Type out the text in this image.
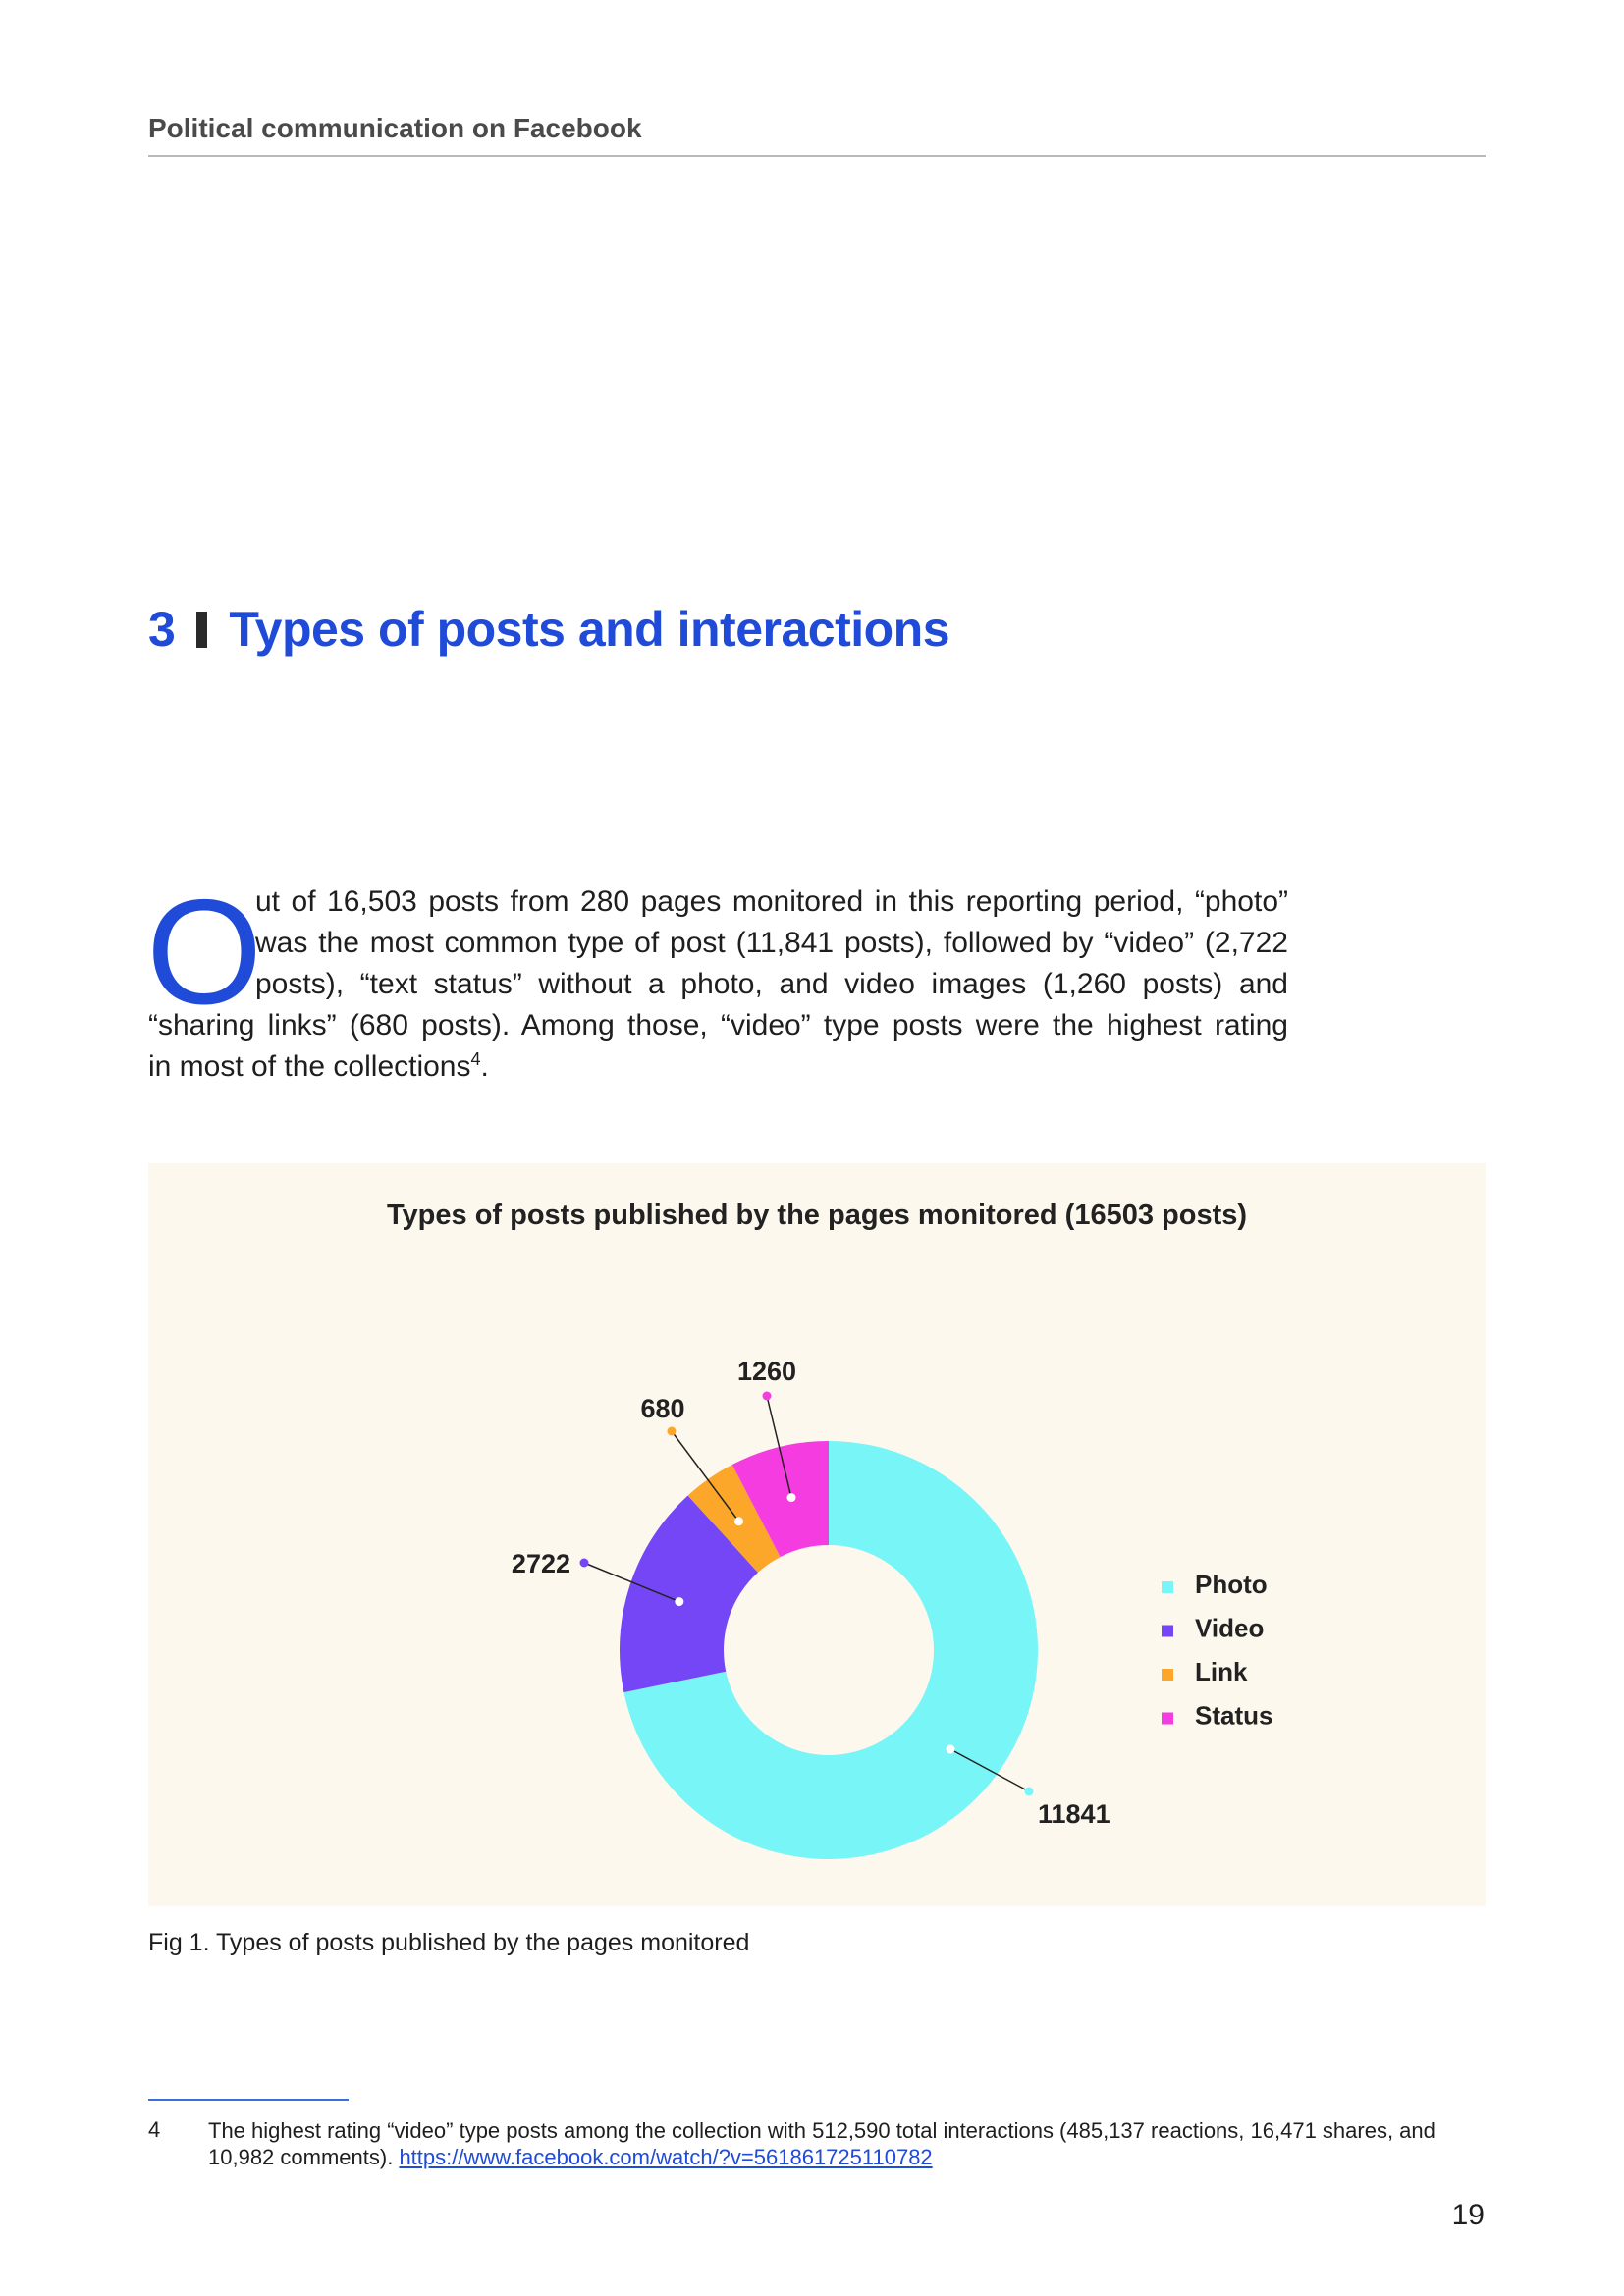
Political communication on Facebook
3 Types of posts and interactions
O
ut of 16,503 posts from 280 pages monitored in this reporting period, “photo”
was the most common type of post (11,841 posts), followed by “video” (2,722
posts), “text status” without a photo, and video images (1,260 posts) and
“sharing links” (680 posts). Among those, “video” type posts were the highest rating
in most of the collections$^4$.
Types of posts published by the pages monitored (16503 posts)
11841
2722
680
1260
Photo
Video
Link
Status
Fig 1. Types of posts published by the pages monitored
4 The highest rating “video” type posts among the collection with 512,590 total interactions (485,137 reactions, 16,471 shares, and 10,982 comments). https://www.facebook.com/watch/?v=561861725110782
19
